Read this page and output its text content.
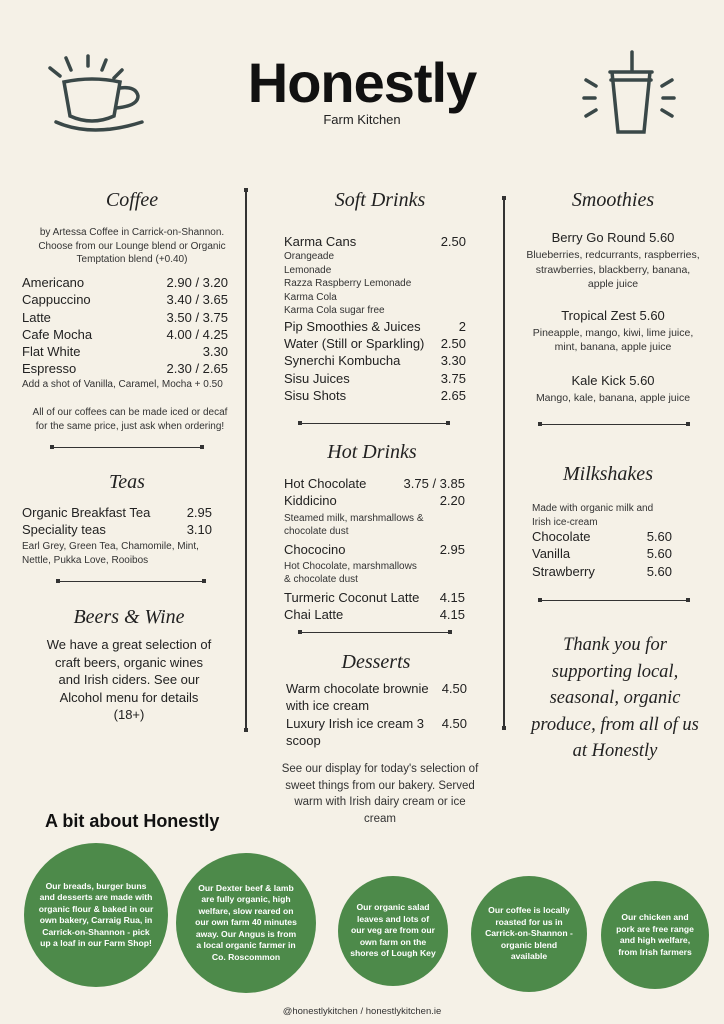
Honestly
Farm Kitchen
Coffee
by Artessa Coffee in Carrick-on-Shannon. Choose from our Lounge blend or Organic Temptation blend (+0.40)
Americano	2.90 / 3.20
Cappuccino	3.40 / 3.65
Latte	3.50 / 3.75
Cafe Mocha	4.00 / 4.25
Flat White	3.30
Espresso	2.30 / 2.65
Add a shot of Vanilla, Caramel, Mocha + 0.50
All of our coffees can be made iced or decaf for the same price, just ask when ordering!
Teas
Organic Breakfast Tea	2.95
Speciality teas	3.10
Earl Grey, Green Tea, Chamomile, Mint, Nettle, Pukka Love, Rooibos
Beers & Wine
We have a great selection of craft beers, organic wines and Irish ciders. See our Alcohol menu for details (18+)
Soft Drinks
Karma Cans	2.50
Orangeade
Lemonade
Razza Raspberry Lemonade
Karma Cola
Karma Cola sugar free
Pip Smoothies & Juices	2
Water (Still or Sparkling) 2.50
Synerchi Kombucha	3.30
Sisu Juices	3.75
Sisu Shots	2.65
Hot Drinks
Hot Chocolate	3.75 / 3.85
Kiddicino	2.20
Steamed milk, marshmallows & chocolate dust
Chococino	2.95
Hot Chocolate, marshmallows & chocolate dust
Turmeric Coconut Latte 4.15
Chai Latte	4.15
Desserts
Warm chocolate brownie with ice cream
4.50
Luxury Irish ice cream 3 scoop
4.50
See our display for today's selection of sweet things from our bakery. Served warm with Irish dairy cream or ice cream
Smoothies
Berry Go Round 5.60
Blueberries, redcurrants, raspberries, strawberries, blackberry, banana, apple juice
Tropical Zest 5.60
Pineapple, mango, kiwi, lime juice, mint, banana, apple juice
Kale Kick 5.60
Mango, kale, banana, apple juice
Milkshakes
Made with organic milk and Irish ice-cream
Chocolate	5.60
Vanilla	5.60
Strawberry	5.60
Thank you for supporting local, seasonal, organic produce, from all of us at Honestly
A bit about Honestly
Our breads, burger buns and desserts are made with organic flour & baked in our own bakery, Carraig Rua, in Carrick-on-Shannon - pick up a loaf in our Farm Shop!
Our Dexter beef & lamb are fully organic, high welfare, slow reared on our own farm 40 minutes away. Our Angus is from a local organic farmer in Co. Roscommon
Our organic salad leaves and lots of our veg are from our own farm on the shores of Lough Key
Our coffee is locally roasted for us in Carrick-on-Shannon - organic blend available
Our chicken and pork are free range and high welfare, from Irish farmers
@honestlykitchen / honestlykitchen.ie
